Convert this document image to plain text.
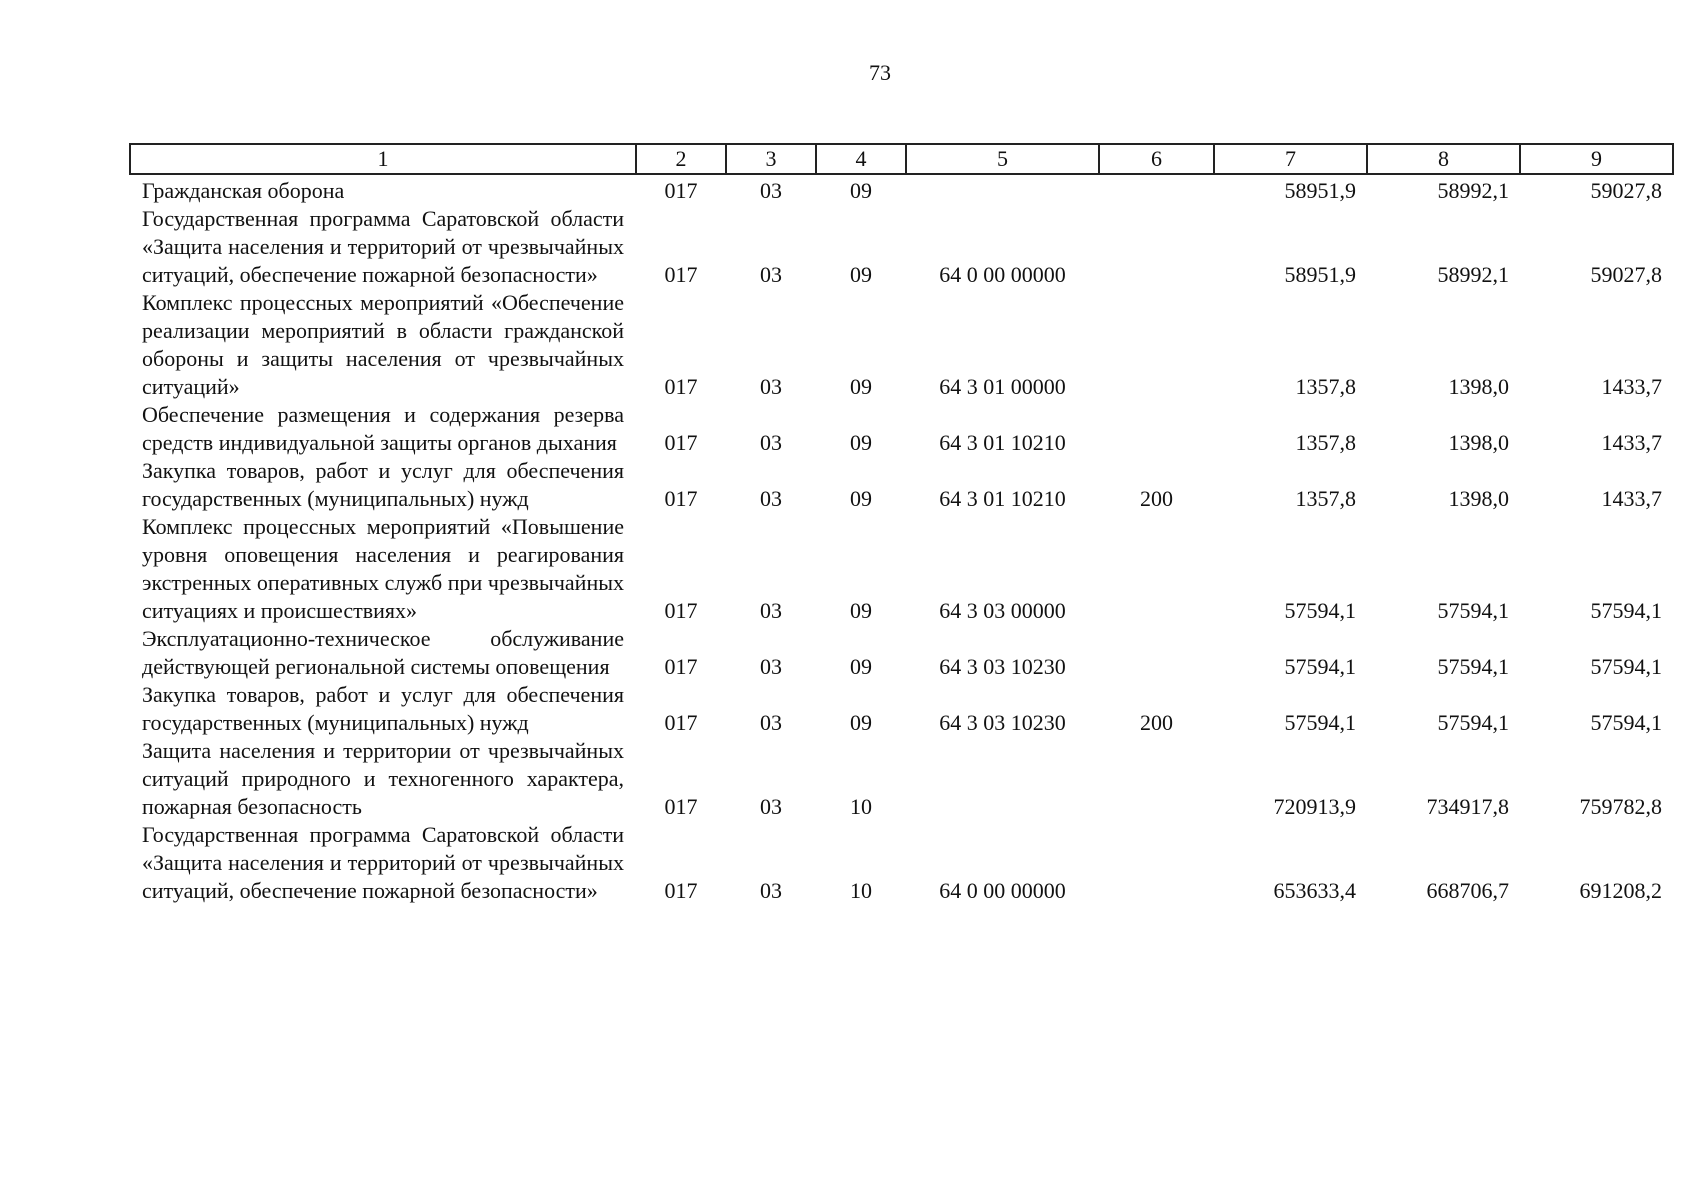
73
1	2	3	4	5	6	7	8	9
Гражданская оборона	017	03	09			58951,9	58992,1	59027,8
Государственная программа Саратовской области «Защита населения и территорий от чрезвычайных ситуаций, обеспечение пожарной безопасности»	017	03	09	64 0 00 00000		58951,9	58992,1	59027,8
Комплекс процессных мероприятий «Обеспечение реализации мероприятий в области гражданской обороны и защиты населения от чрезвычайных ситуаций»	017	03	09	64 3 01 00000		1357,8	1398,0	1433,7
Обеспечение размещения и содержания резерва средств индивидуальной защиты органов дыхания	017	03	09	64 3 01 10210		1357,8	1398,0	1433,7
Закупка товаров, работ и услуг для обеспечения государственных (муниципальных) нужд	017	03	09	64 3 01 10210	200	1357,8	1398,0	1433,7
Комплекс процессных мероприятий «Повышение уровня оповещения населения и реагирования экстренных оперативных служб при чрезвычайных ситуациях и происшествиях»	017	03	09	64 3 03 00000		57594,1	57594,1	57594,1
Эксплуатационно-техническое обслуживание действующей региональной системы оповещения	017	03	09	64 3 03 10230		57594,1	57594,1	57594,1
Закупка товаров, работ и услуг для обеспечения государственных (муниципальных) нужд	017	03	09	64 3 03 10230	200	57594,1	57594,1	57594,1
Защита населения и территории от чрезвычайных ситуаций природного и техногенного характера, пожарная безопасность	017	03	10			720913,9	734917,8	759782,8
Государственная программа Саратовской области «Защита населения и территорий от чрезвычайных ситуаций, обеспечение пожарной безопасности»	017	03	10	64 0 00 00000		653633,4	668706,7	691208,2
